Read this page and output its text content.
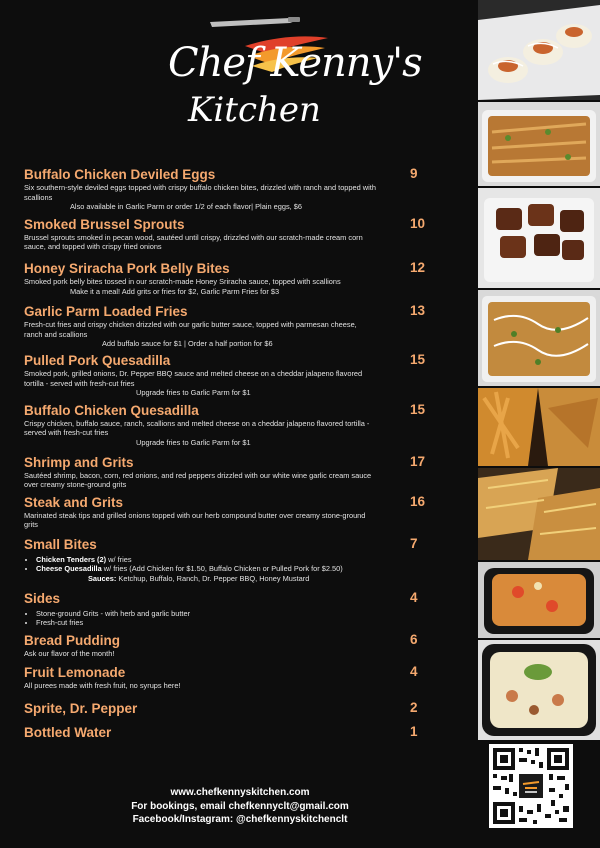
Chef Kenny's
Kitchen
Buffalo Chicken Deviled Eggs	9
Six southern-style deviled eggs topped with crispy buffalo chicken bites, drizzled with ranch and topped with scallions
Also available in Garlic Parm or order 1/2 of each flavor| Plain eggs, $6
Smoked Brussel Sprouts	10
Brussel sprouts smoked in pecan wood, sautéed until crispy, drizzled with our scratch-made cream corn sauce, and topped with crispy fried onions
Honey Sriracha Pork Belly Bites	12
Smoked pork belly bites tossed in our scratch-made Honey Sriracha sauce, topped with scallions
Make it a meal! Add grits or fries for $2, Garlic Parm Fries for $3
Garlic Parm Loaded Fries	13
Fresh-cut fries and crispy chicken drizzled with our garlic butter sauce, topped with parmesan cheese, ranch and scallions
Add buffalo sauce for $1 | Order a half portion for $6
Pulled Pork Quesadilla	15
Smoked pork, grilled onions, Dr. Pepper BBQ sauce and melted cheese on a cheddar jalapeno flavored tortilla - served with fresh-cut fries
Upgrade fries to Garlic Parm for $1
Buffalo Chicken Quesadilla	15
Crispy chicken, buffalo sauce, ranch, scallions and melted cheese on a cheddar jalapeno flavored tortilla - served with fresh-cut fries
Upgrade fries to Garlic Parm for $1
Shrimp and Grits	17
Sautéed shrimp, bacon, corn, red onions, and red peppers drizzled with our white wine garlic cream sauce over creamy stone-ground grits
Steak and Grits	16
Marinated steak tips and grilled onions topped with our herb compound butter over creamy stone-ground grits
Small Bites	7
• Chicken Tenders (2) w/ fries
• Cheese Quesadilla w/ fries (Add Chicken for $1.50, Buffalo Chicken or Pulled Pork for $2.50)
Sauces: Ketchup, Buffalo, Ranch, Dr. Pepper BBQ, Honey Mustard
Sides	4
• Stone-ground Grits - with herb and garlic butter
• Fresh-cut fries
Bread Pudding	6
Ask our flavor of the month!
Fruit Lemonade	4
All purees made with fresh fruit, no syrups here!
Sprite, Dr. Pepper	2
Bottled Water	1
www.chefkennyskitchen.com
For bookings, email chefkennyclt@gmail.com
Facebook/Instagram: @chefkennyskitchenclt
